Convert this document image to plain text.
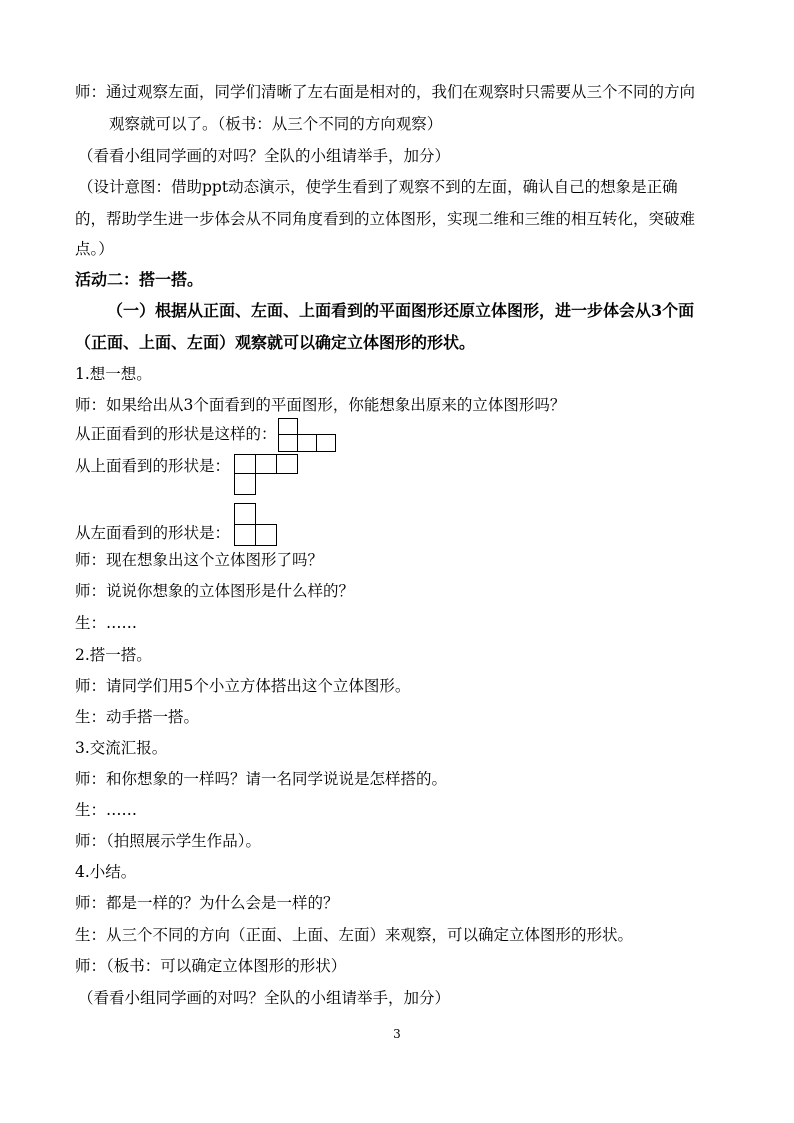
师：通过观察左面，同学们清晰了左右面是相对的，我们在观察时只需要从三个不同的方向
观察就可以了。（板书：从三个不同的方向观察）
（看看小组同学画的对吗？全队的小组请举手，加分）
（设计意图：借助ppt动态演示，使学生看到了观察不到的左面，确认自己的想象是正确
的，帮助学生进一步体会从不同角度看到的立体图形，实现二维和三维的相互转化，突破难
点。）
活动二：搭一搭。
（一）根据从正面、左面、上面看到的平面图形还原立体图形，进一步体会从3个面
（正面、上面、左面）观察就可以确定立体图形的形状。
1.想一想。
师：如果给出从3个面看到的平面图形，你能想象出原来的立体图形吗？
从正面看到的形状是这样的：
从上面看到的形状是：
从左面看到的形状是：
师：现在想象出这个立体图形了吗？
师：说说你想象的立体图形是什么样的？
生：……
2.搭一搭。
师：请同学们用5个小立方体搭出这个立体图形。
生：动手搭一搭。
3.交流汇报。
师：和你想象的一样吗？请一名同学说说是怎样搭的。
生：……
师：（拍照展示学生作品）。
4.小结。
师：都是一样的？为什么会是一样的？
生：从三个不同的方向（正面、上面、左面）来观察，可以确定立体图形的形状。
师：（板书：可以确定立体图形的形状）
（看看小组同学画的对吗？全队的小组请举手，加分）
3
